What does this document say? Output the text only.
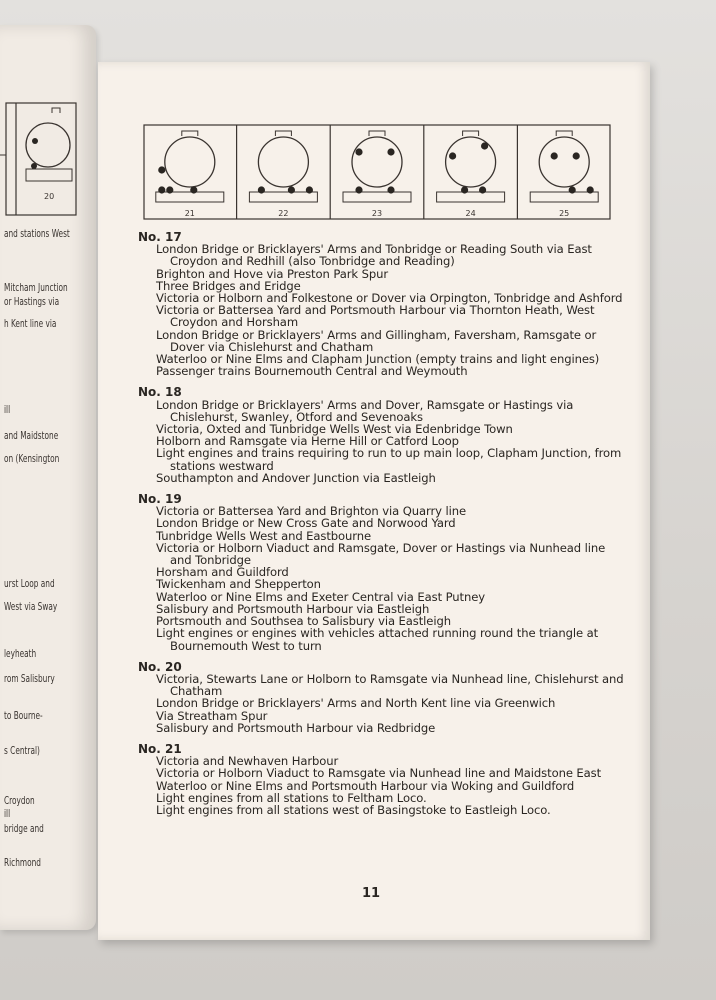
20
and stations West
Mitcham Junction
or Hastings via
h Kent line via
ill
and Maidstone
on (Kensington
urst Loop and
West via Sway
leyheath
rom Salisbury
to Bourne-
s Central)
Croydon
ill
bridge and
Richmond
21	22	23	24	25
No. 17
London Bridge or Bricklayers' Arms and Tonbridge or Reading South via East Croydon and Redhill (also Tonbridge and Reading)
Brighton and Hove via Preston Park Spur
Three Bridges and Eridge
Victoria or Holborn and Folkestone or Dover via Orpington, Tonbridge and Ashford
Victoria or Battersea Yard and Portsmouth Harbour via Thornton Heath, West Croydon and Horsham
London Bridge or Bricklayers' Arms and Gillingham, Faversham, Ramsgate or Dover via Chislehurst and Chatham
Waterloo or Nine Elms and Clapham Junction (empty trains and light engines)
Passenger trains Bournemouth Central and Weymouth
No. 18
London Bridge or Bricklayers' Arms and Dover, Ramsgate or Hastings via Chislehurst, Swanley, Otford and Sevenoaks
Victoria, Oxted and Tunbridge Wells West via Edenbridge Town
Holborn and Ramsgate via Herne Hill or Catford Loop
Light engines and trains requiring to run to up main loop, Clapham Junction, from stations westward
Southampton and Andover Junction via Eastleigh
No. 19
Victoria or Battersea Yard and Brighton via Quarry line
London Bridge or New Cross Gate and Norwood Yard
Tunbridge Wells West and Eastbourne
Victoria or Holborn Viaduct and Ramsgate, Dover or Hastings via Nunhead line and Tonbridge
Horsham and Guildford
Twickenham and Shepperton
Waterloo or Nine Elms and Exeter Central via East Putney
Salisbury and Portsmouth Harbour via Eastleigh
Portsmouth and Southsea to Salisbury via Eastleigh
Light engines or engines with vehicles attached running round the triangle at Bournemouth West to turn
No. 20
Victoria, Stewarts Lane or Holborn to Ramsgate via Nunhead line, Chislehurst and Chatham
London Bridge or Bricklayers' Arms and North Kent line via Greenwich
Via Streatham Spur
Salisbury and Portsmouth Harbour via Redbridge
No. 21
Victoria and Newhaven Harbour
Victoria or Holborn Viaduct to Ramsgate via Nunhead line and Maidstone East
Waterloo or Nine Elms and Portsmouth Harbour via Woking and Guildford
Light engines from all stations to Feltham Loco.
Light engines from all stations west of Basingstoke to Eastleigh Loco.
11
